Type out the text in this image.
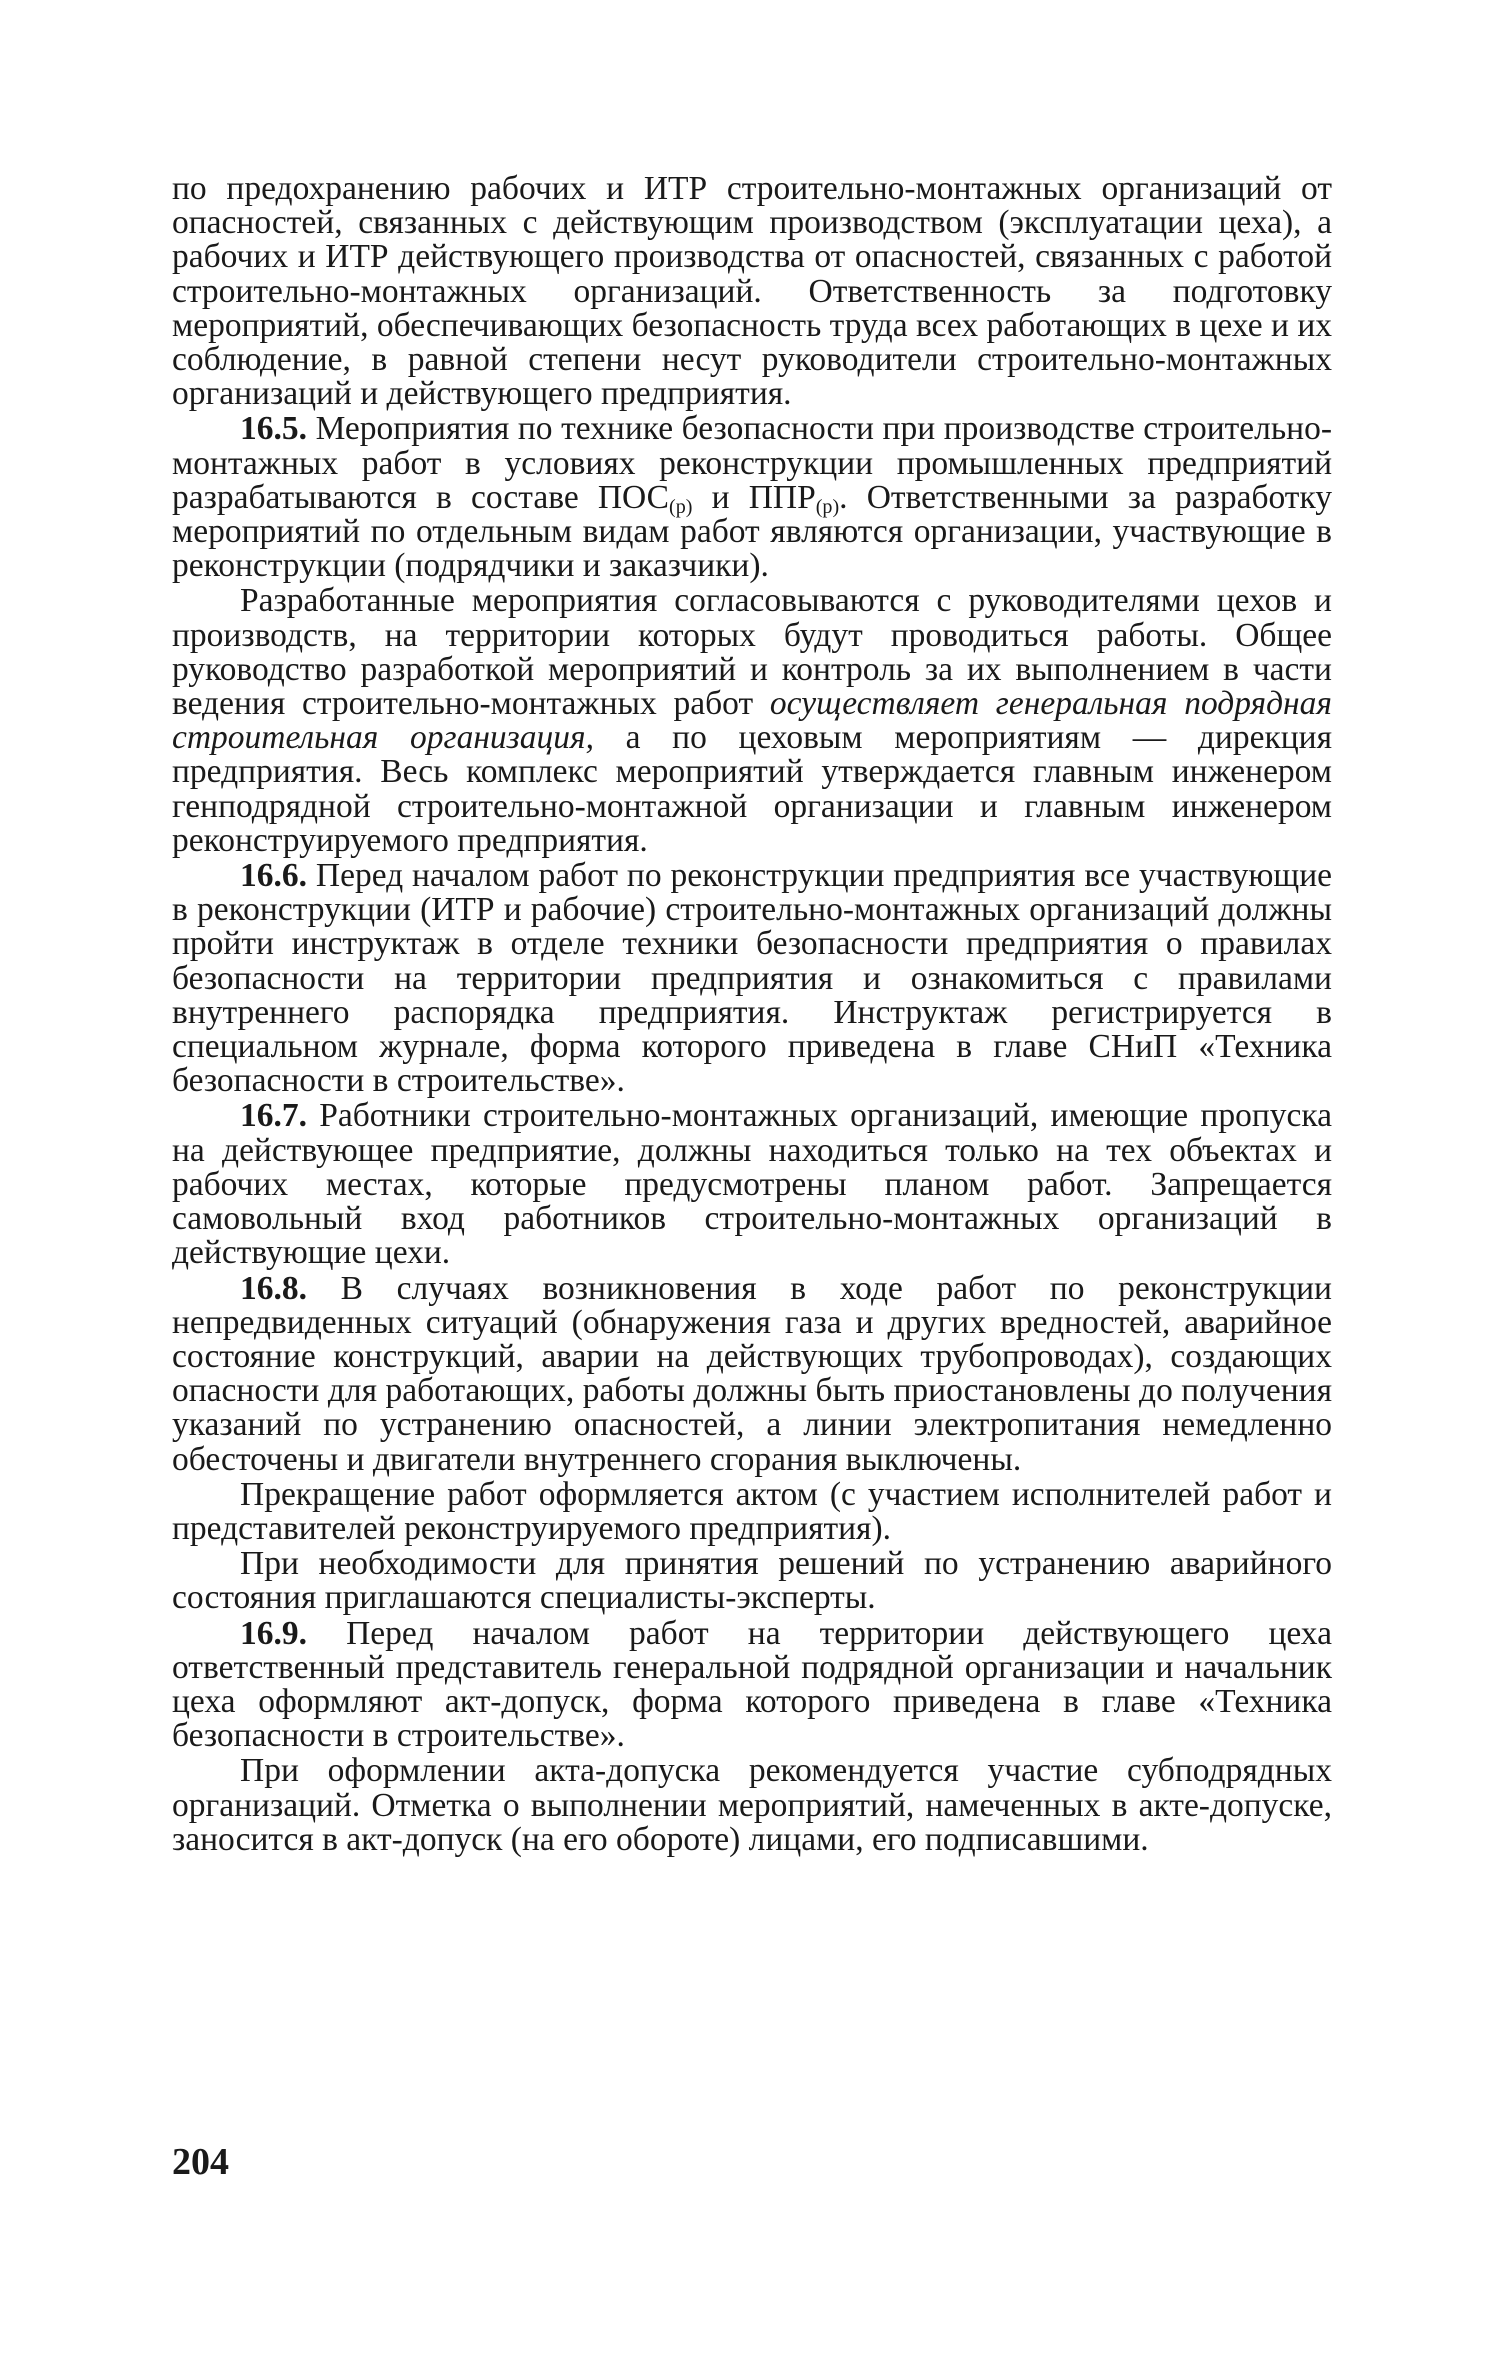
по предохранению рабочих и ИТР строительно-монтажных организаций от опасностей, связанных с действующим производством (эксплуатации цеха), а рабочих и ИТР действующего производства от опасностей, связанных с работой строительно-монтажных организаций. Ответственность за подготовку мероприятий, обеспечивающих безопасность труда всех работающих в цехе и их соблюдение, в равной степени несут руководители строительно-монтажных организаций и действующего предприятия.

16.5. Мероприятия по технике безопасности при производстве строительно-монтажных работ в условиях реконструкции промышленных предприятий разрабатываются в составе $ПОС_{(р)}$ и $ППР_{(р)}$. Ответственными за разработку мероприятий по отдельным видам работ являются организации, участвующие в реконструкции (подрядчики и заказчики).

Разработанные мероприятия согласовываются с руководителями цехов и производств, на территории которых будут проводиться работы. Общее руководство разработкой мероприятий и контроль за их выполнением в части ведения строительно-монтажных работ осуществляет генеральная подрядная строительная организация, а по цеховым мероприятиям — дирекция предприятия. Весь комплекс мероприятий утверждается главным инженером генподрядной строительно-монтажной организации и главным инженером реконструируемого предприятия.

16.6. Перед началом работ по реконструкции предприятия все участвующие в реконструкции (ИТР и рабочие) строительно-монтажных организаций должны пройти инструктаж в отделе техники безопасности предприятия о правилах безопасности на территории предприятия и ознакомиться с правилами внутреннего распорядка предприятия. Инструктаж регистрируется в специальном журнале, форма которого приведена в главе СНиП «Техника безопасности в строительстве».

16.7. Работники строительно-монтажных организаций, имеющие пропуска на действующее предприятие, должны находиться только на тех объектах и рабочих местах, которые предусмотрены планом работ. Запрещается самовольный вход работников строительно-монтажных организаций в действующие цехи.

16.8. В случаях возникновения в ходе работ по реконструкции непредвиденных ситуаций (обнаружения газа и других вредностей, аварийное состояние конструкций, аварии на действующих трубопроводах), создающих опасности для работающих, работы должны быть приостановлены до получения указаний по устранению опасностей, а линии электропитания немедленно обесточены и двигатели внутреннего сгорания выключены.

Прекращение работ оформляется актом (с участием исполнителей работ и представителей реконструируемого предприятия).

При необходимости для принятия решений по устранению аварийного состояния приглашаются специалисты-эксперты.

16.9. Перед началом работ на территории действующего цеха ответственный представитель генеральной подрядной организации и начальник цеха оформляют акт-допуск, форма которого приведена в главе «Техника безопасности в строительстве».

При оформлении акта-допуска рекомендуется участие субподрядных организаций. Отметка о выполнении мероприятий, намеченных в акте-допуске, заносится в акт-допуск (на его обороте) лицами, его подписавшими.

204
